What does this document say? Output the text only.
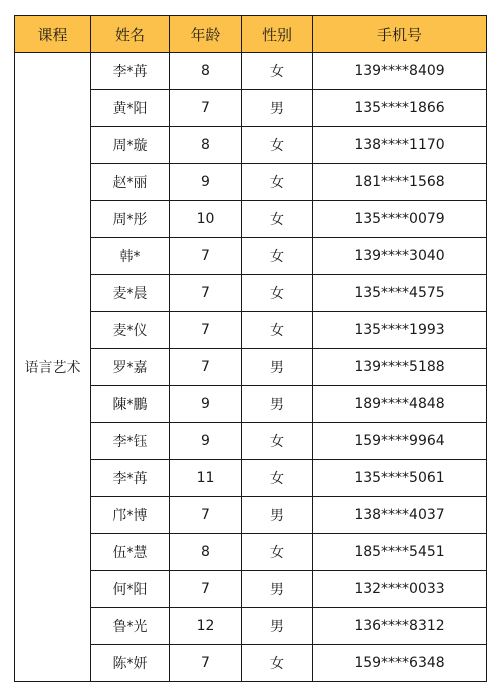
课程	姓名	年龄	性别	手机号
语言艺术	李*苒	8	女	139****8409
	黄*阳	7	男	135****1866
	周*璇	8	女	138****1170
	赵*丽	9	女	181****1568
	周*彤	10	女	135****0079
	韩*	7	女	139****3040
	麦*晨	7	女	135****4575
	麦*仪	7	女	135****1993
	罗*嘉	7	男	139****5188
	陳*鵬	9	男	189****4848
	李*钰	9	女	159****9964
	李*苒	11	女	135****5061
	邝*博	7	男	138****4037
	伍*慧	8	女	185****5451
	何*阳	7	男	132****0033
	鲁*光	12	男	136****8312
	陈*妍	7	女	159****6348
